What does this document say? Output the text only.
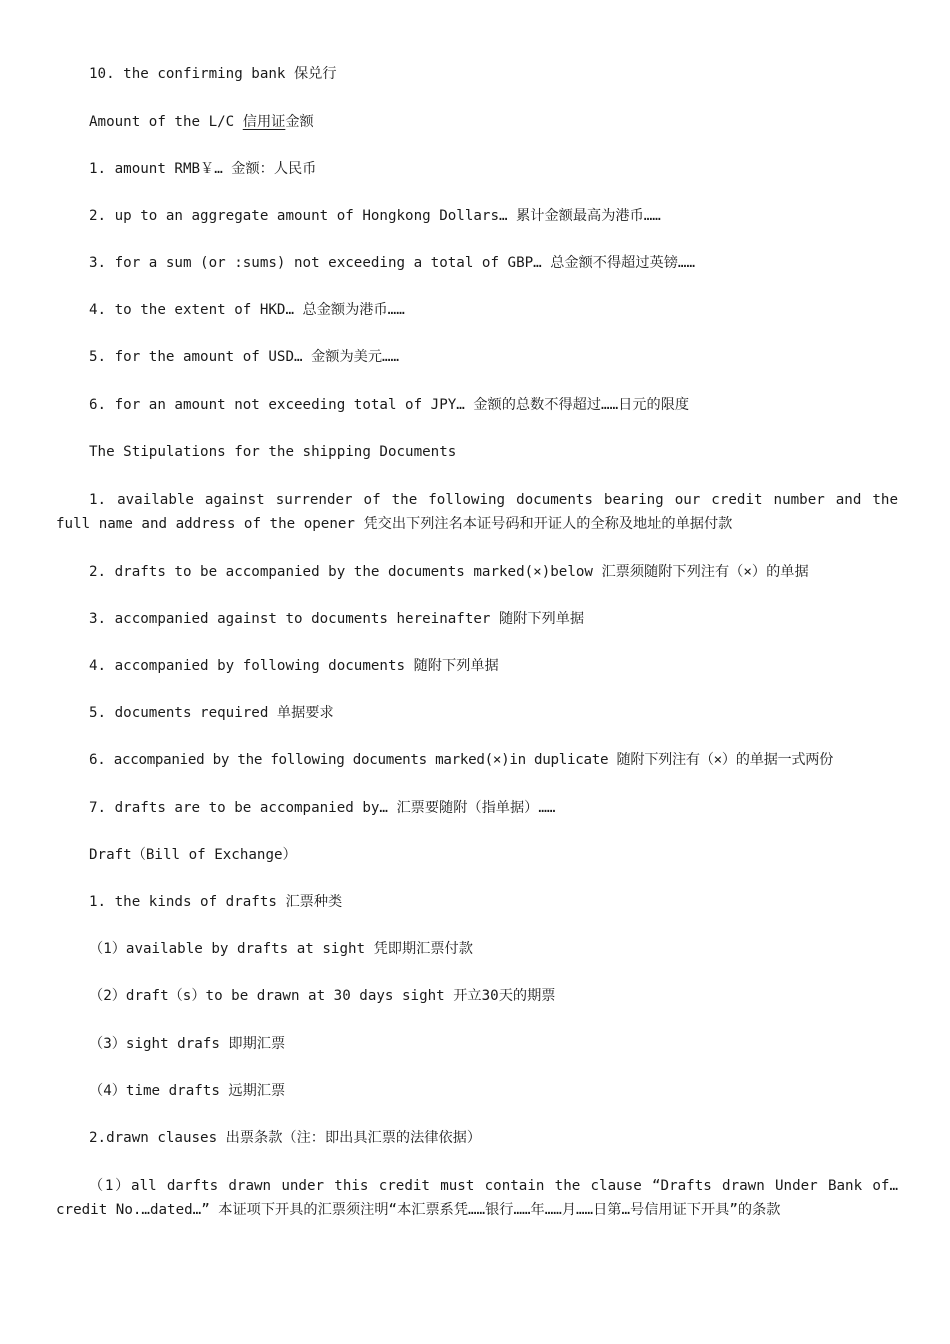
10. the confirming bank 保兑行

Amount of the L/C 信用证金额

1. amount RMB￥… 金额：人民币

2. up to an aggregate amount of Hongkong Dollars… 累计金额最高为港币……

3. for a sum (or :sums) not exceeding a total of GBP… 总金额不得超过英镑……

4. to the extent of HKD… 总金额为港币……

5. for the amount of USD… 金额为美元……

6. for an amount not exceeding total of JPY… 金额的总数不得超过……日元的限度

The Stipulations for the shipping Documents

1. available against surrender of the following documents bearing our credit number and the full name and address of the opener 凭交出下列注名本证号码和开证人的全称及地址的单据付款

2. drafts to be accompanied by the documents marked(×)below 汇票须随附下列注有（×）的单据

3. accompanied against to documents hereinafter 随附下列单据

4. accompanied by following documents 随附下列单据

5. documents required 单据要求

6. accompanied by the following documents marked(×)in duplicate 随附下列注有（×）的单据一式两份

7. drafts are to be accompanied by… 汇票要随附（指单据）……

Draft（Bill of Exchange）

1. the kinds of drafts 汇票种类

（1）available by drafts at sight 凭即期汇票付款

（2）draft（s）to be drawn at 30 days sight 开立30天的期票

（3）sight drafs 即期汇票

（4）time drafts 远期汇票

2.drawn clauses 出票条款（注：即出具汇票的法律依据）

（1）all darfts drawn under this credit must contain the clause “Drafts drawn Under Bank of… credit No.…dated…” 本证项下开具的汇票须注明“本汇票系凭……银行……年……月……日第…号信用证下开具”的条款
